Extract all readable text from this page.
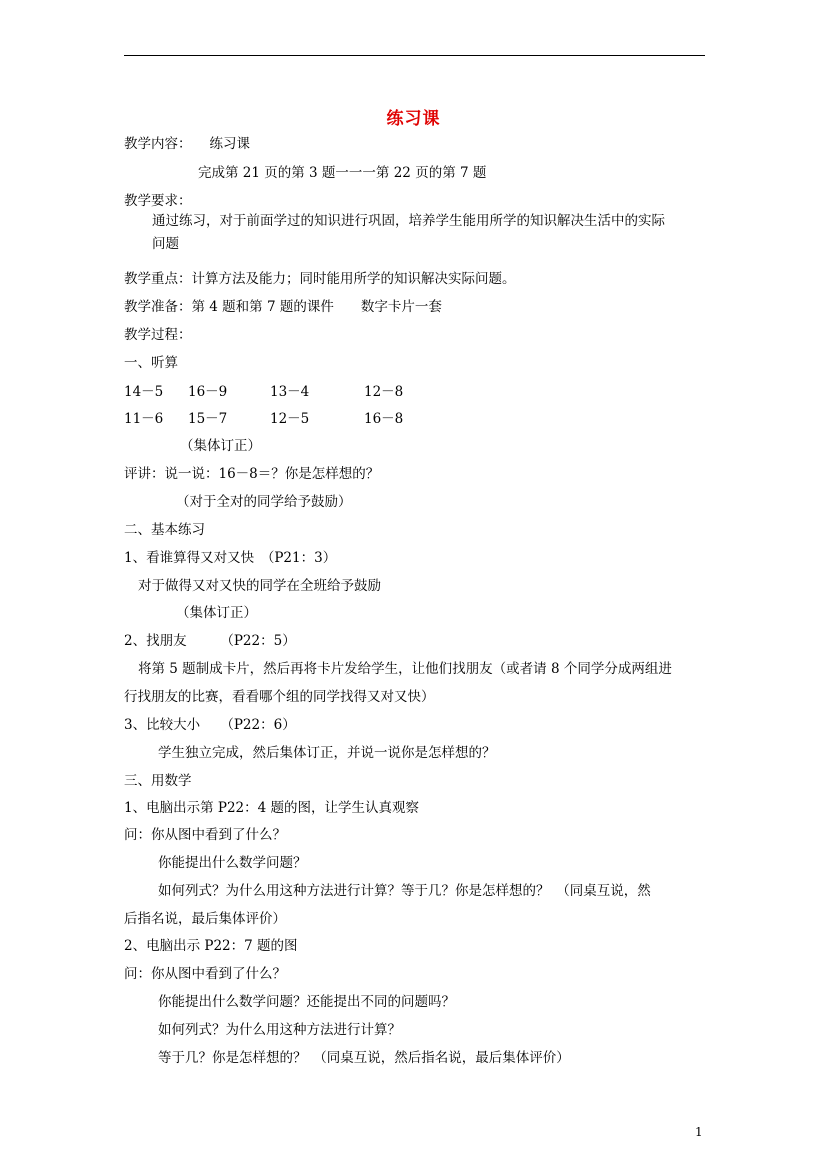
练习课
教学内容： 练习课
完成第 21 页的第 3 题一一一第 22 页的第 7 题
教学要求：
通过练习，对于前面学过的知识进行巩固，培养学生能用所学的知识解决生活中的实际
问题
教学重点：计算方法及能力；同时能用所学的知识解决实际问题。
教学准备：第 4 题和第 7 题的课件　　数字卡片一套
教学过程：
一、听算
14－5 16－9	13－4	12－8
11－6 15－7	12－5	16－8
（集体订正）
评讲：说一说：16－8＝？你是怎样想的？
（对于全对的同学给予鼓励）
二、基本练习
1、看谁算得又对又快　（P21：3）
对于做得又对又快的同学在全班给予鼓励
（集体订正）
2、找朋友　　　（P22：5）
将第 5 题制成卡片，然后再将卡片发给学生，让他们找朋友（或者请 8 个同学分成两组进
行找朋友的比赛，看看哪个组的同学找得又对又快）
3、比较大小　　（P22：6）
学生独立完成，然后集体订正，并说一说你是怎样想的？
三、用数学
1、电脑出示第 P22：4 题的图，让学生认真观察
问：你从图中看到了什么？
你能提出什么数学问题？
如何列式？为什么用这种方法进行计算？等于几？你是怎样想的？　（同桌互说，然
后指名说，最后集体评价）
2、电脑出示 P22：7 题的图
问：你从图中看到了什么？
你能提出什么数学问题？还能提出不同的问题吗？
如何列式？为什么用这种方法进行计算？
等于几？你是怎样想的？　（同桌互说，然后指名说，最后集体评价）
1
